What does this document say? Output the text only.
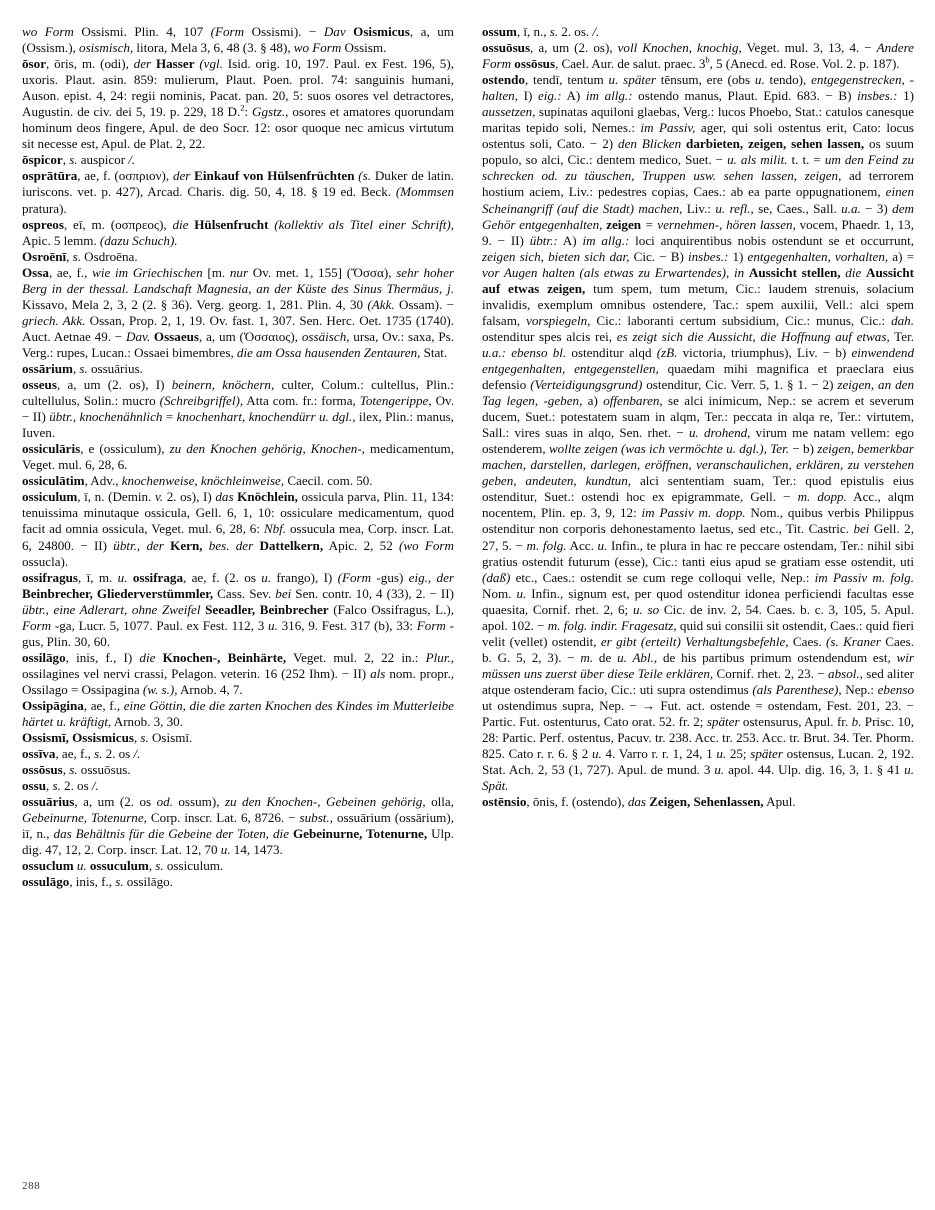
wo Form Ossismi. Plin. 4, 107 (Form Ossismi). − Dav Osismicus, a, um (Ossism.), osismisch, litora, Mela 3, 6, 48 (3. § 48), wo Form Ossism.

ōsor, ōris, m. (odi), der Hasser (vgl. Isid. orig. 10, 197. Paul. ex Fest. 196, 5), uxoris. Plaut. asin. 859: mulierum, Plaut. Poen. prol. 74: sanguinis humani, Auson. epist. 4, 24: regii nominis, Pacat. pan. 20, 5: suos osores vel detractores, Augustin. de civ. dei 5, 19. p. 229, 18 D.$^2$: Ggstz., osores et amatores quorundam hominum deos fingere, Apul. de deo Socr. 12: osor quoque nec amicus virtutum sit necesse est, Apul. de Plat. 2, 22.

ōspicor, s. auspicor /.

osprātūra, ae, f. (οσπριον), der Einkauf von Hülsenfrüchten (s. Duker de latin. iuriscons. vet. p. 427), Arcad. Charis. dig. 50, 4, 18. § 19 ed. Beck. (Mommsen pratura).

ospreos, eī, m. (οσπρεος), die Hülsenfrucht (kollektiv als Titel einer Schrift), Apic. 5 lemm. (dazu Schuch).

Osroēnī, s. Osdroēna.

Ossa, ae, f., wie im Griechischen [m. nur Ov. met. 1, 155] (Ὄσσα), sehr hoher Berg in der thessal. Landschaft Magnesia, an der Küste des Sinus Thermäus, j. Kissavo, Mela 2, 3, 2 (2. § 36). Verg. georg. 1, 281. Plin. 4, 30 (Akk. Ossam). − griech. Akk. Ossan, Prop. 2, 1, 19. Ov. fast. 1, 307. Sen. Herc. Oet. 1735 (1740). Auct. Aetnae 49. − Dav. Ossaeus, a, um (Ὀσσαιος), ossäisch, ursa, Ov.: saxa, Ps. Verg.: rupes, Lucan.: Ossaei bimembres, die am Ossa hausenden Zentauren, Stat.

ossārium, s. ossuārius.

osseus, a, um (2. os), I) beinern, knöchern, culter, Colum.: cultellus, Plin.: cultellulus, Solin.: mucro (Schreibgriffel), Atta com. fr.: forma, Totengerippe, Ov. − II) übtr., knochenähnlich = knochenhart, knochendürr u. dgl., ilex, Plin.: manus, Iuven.

ossiculāris, e (ossiculum), zu den Knochen gehörig, Knochen-, medicamentum, Veget. mul. 6, 28, 6.

ossiculātim, Adv., knochenweise, knöchleinweise, Caecil. com. 50.

ossiculum, ī, n. (Demin. v. 2. os), I) das Knöchlein, ossicula parva, Plin. 11, 134: tenuissima minutaque ossicula, Gell. 6, 1, 10: ossiculare medicamentum, quod facit ad omnia ossicula, Veget. mul. 6, 28, 6: Nbf. ossucula mea, Corp. inscr. Lat. 6, 24800. − II) übtr., der Kern, bes. der Dattelkern, Apic. 2, 52 (wo Form ossucla).

ossifragus, ī, m. u. ossifraga, ae, f. (2. os u. frango), I) (Form -gus) eig., der Beinbrecher, Gliederverstümmler, Cass. Sev. bei Sen. contr. 10, 4 (33), 2. − II) übtr., eine Adlerart, ohne Zweifel Seeadler, Beinbrecher (Falco Ossifragus, L.), Form -ga, Lucr. 5, 1077. Paul. ex Fest. 112, 3 u. 316, 9. Fest. 317 (b), 33: Form -gus, Plin. 30, 60.

ossilāgo, inis, f., I) die Knochen-, Beinhärte, Veget. mul. 2, 22 in.: Plur., ossilagines vel nervi crassi, Pelagon. veterin. 16 (252 Ihm). − II) als nom. propr., Ossilago = Ossipagina (w. s.), Arnob. 4, 7.

Ossipāgina, ae, f., eine Göttin, die die zarten Knochen des Kindes im Mutterleibe härtet u. kräftigt, Arnob. 3, 30.

Ossismī, Ossismicus, s. Osismī.

ossīva, ae, f., s. 2. os /.

ossōsus, s. ossuōsus.

ossu, s. 2. os /.

ossuārius, a, um (2. os od. ossum), zu den Knochen-, Gebeinen gehörig, olla, Gebeinurne, Totenurne, Corp. inscr. Lat. 6, 8726. − subst., ossuārium (ossārium), iī, n., das Behältnis für die Gebeine der Toten, die Gebeinurne, Totenurne, Ulp. dig. 47, 12, 2. Corp. inscr. Lat. 12, 70 u. 14, 1473.

ossuclum u. ossuculum, s. ossiculum.

ossulāgo, inis, f., s. ossilāgo.

ossum, ī, n., s. 2. os. /.

ossuōsus, a, um (2. os), voll Knochen, knochig, Veget. mul. 3, 13, 4. − Andere Form ossōsus, Cael. Aur. de salut. praec. 3$^b$, 5 (Anecd. ed. Rose. Vol. 2. p. 187).

ostendo, tendī, tentum u. später tēnsum, ere (obs u. tendo), entgegenstrecken, -halten, I) eig.: A) im allg.: ostendo manus, Plaut. Epid. 683. − B) insbes.: 1) aussetzen, supinatas aquiloni glaebas, Verg.: lucos Phoebo, Stat.: catulos canesque maritas tepido soli, Nemes.: im Passiv, ager, qui soli ostentus erit, Cato: locus ostentus soli, Cato. − 2) den Blicken darbieten, zeigen, sehen lassen, os suum populo, so alci, Cic.: dentem medico, Suet. − u. als milit. t. t. = um den Feind zu schrecken od. zu täuschen, Truppen usw. sehen lassen, zeigen, ad terrorem hostium aciem, Liv.: pedestres copias, Caes.: ab ea parte oppugnationem, einen Scheinangriff (auf die Stadt) machen, Liv.: u. refl., se, Caes., Sall. u.a. − 3) dem Gehör entgegenhalten, zeigen = vernehmen-, hören lassen, vocem, Phaedr. 1, 13, 9. − II) übtr.: A) im allg.: loci anquirentibus nobis ostendunt se et occurrunt, zeigen sich, bieten sich dar, Cic. − B) insbes.: 1) entgegenhalten, vorhalten, a) = vor Augen halten (als etwas zu Erwartendes), in Aussicht stellen, die Aussicht auf etwas zeigen, tum spem, tum metum, Cic.: laudem strenuis, solacium invalidis, exemplum omnibus ostendere, Tac.: spem auxilii, Vell.: alci spem falsam, vorspiegeln, Cic.: laboranti certum subsidium, Cic.: munus, Cic.: dah. ostenditur spes alcis rei, es zeigt sich die Aussicht, die Hoffnung auf etwas, Ter. u.a.: ebenso bl. ostenditur alqd (zB. victoria, triumphus), Liv. − b) einwendend entgegenhalten, entgegenstellen, quaedam mihi magnifica et praeclara eius defensio (Verteidigungsgrund) ostenditur, Cic. Verr. 5, 1. § 1. − 2) zeigen, an den Tag legen, -geben, a) offenbaren, se alci inimicum, Nep.: se acrem et severum ducem, Suet.: potestatem suam in alqm, Ter.: peccata in alqa re, Ter.: virtutem, Sall.: vires suas in alqo, Sen. rhet. − u. drohend, virum me natam vellem: ego ostenderem, wollte zeigen (was ich vermöchte u. dgl.), Ter. − b) zeigen, bemerkbar machen, darstellen, darlegen, eröffnen, veranschaulichen, erklären, zu verstehen geben, andeuten, kundtun, alci sententiam suam, Ter.: quod epistulis eius ostenditur, Suet.: ostendi hoc ex epigrammate, Gell. − m. dopp. Acc., alqm nocentem, Plin. ep. 3, 9, 12: im Passiv m. dopp. Nom., quibus verbis Philippus ostenditur non corporis dehonestamento laetus, sed etc., Tit. Castric. bei Gell. 2, 27, 5. − m. folg. Acc. u. Infin., te plura in hac re peccare ostendam, Ter.: nihil sibi gratius ostendit futurum (esse), Cic.: tanti eius apud se gratiam esse ostendit, uti (daß) etc., Caes.: ostendit se cum rege colloqui velle, Nep.: im Passiv m. folg. Nom. u. Infin., signum est, per quod ostenditur idonea perficiendi facultas esse quaesita, Cornif. rhet. 2, 6; u. so Cic. de inv. 2, 54. Caes. b. c. 3, 105, 5. Apul. apol. 102. − m. folg. indir. Fragesatz, quid sui consilii sit ostendit, Caes.: quid fieri velit (vellet) ostendit, er gibt (erteilt) Verhaltungsbefehle, Caes. (s. Kraner Caes. b. G. 5, 2, 3). − m. de u. Abl., de his partibus primum ostendendum est, wir müssen uns zuerst über diese Teile erklären, Cornif. rhet. 2, 23. − absol., sed aliter atque ostenderam facio, Cic.: uti supra ostendimus (als Parenthese), Nep.: ebenso ut ostendimus supra, Nep. − → Fut. act. ostende = ostendam, Fest. 201, 23. − Partic. Fut. ostenturus, Cato orat. 52. fr. 2; später ostensurus, Apul. fr. b. Prisc. 10, 28: Partic. Perf. ostentus, Pacuv. tr. 238. Acc. tr. 253. Acc. tr. Brut. 34. Ter. Phorm. 825. Cato r. r. 6. § 2 u. 4. Varro r. r. 1, 24, 1 u. 25; später ostensus, Lucan. 2, 192. Stat. Ach. 2, 53 (1, 727). Apul. de mund. 3 u. apol. 44. Ulp. dig. 16, 3, 1. § 41 u. Spät.

ostēnsio, ōnis, f. (ostendo), das Zeigen, Sehenlassen, Apul.

288
